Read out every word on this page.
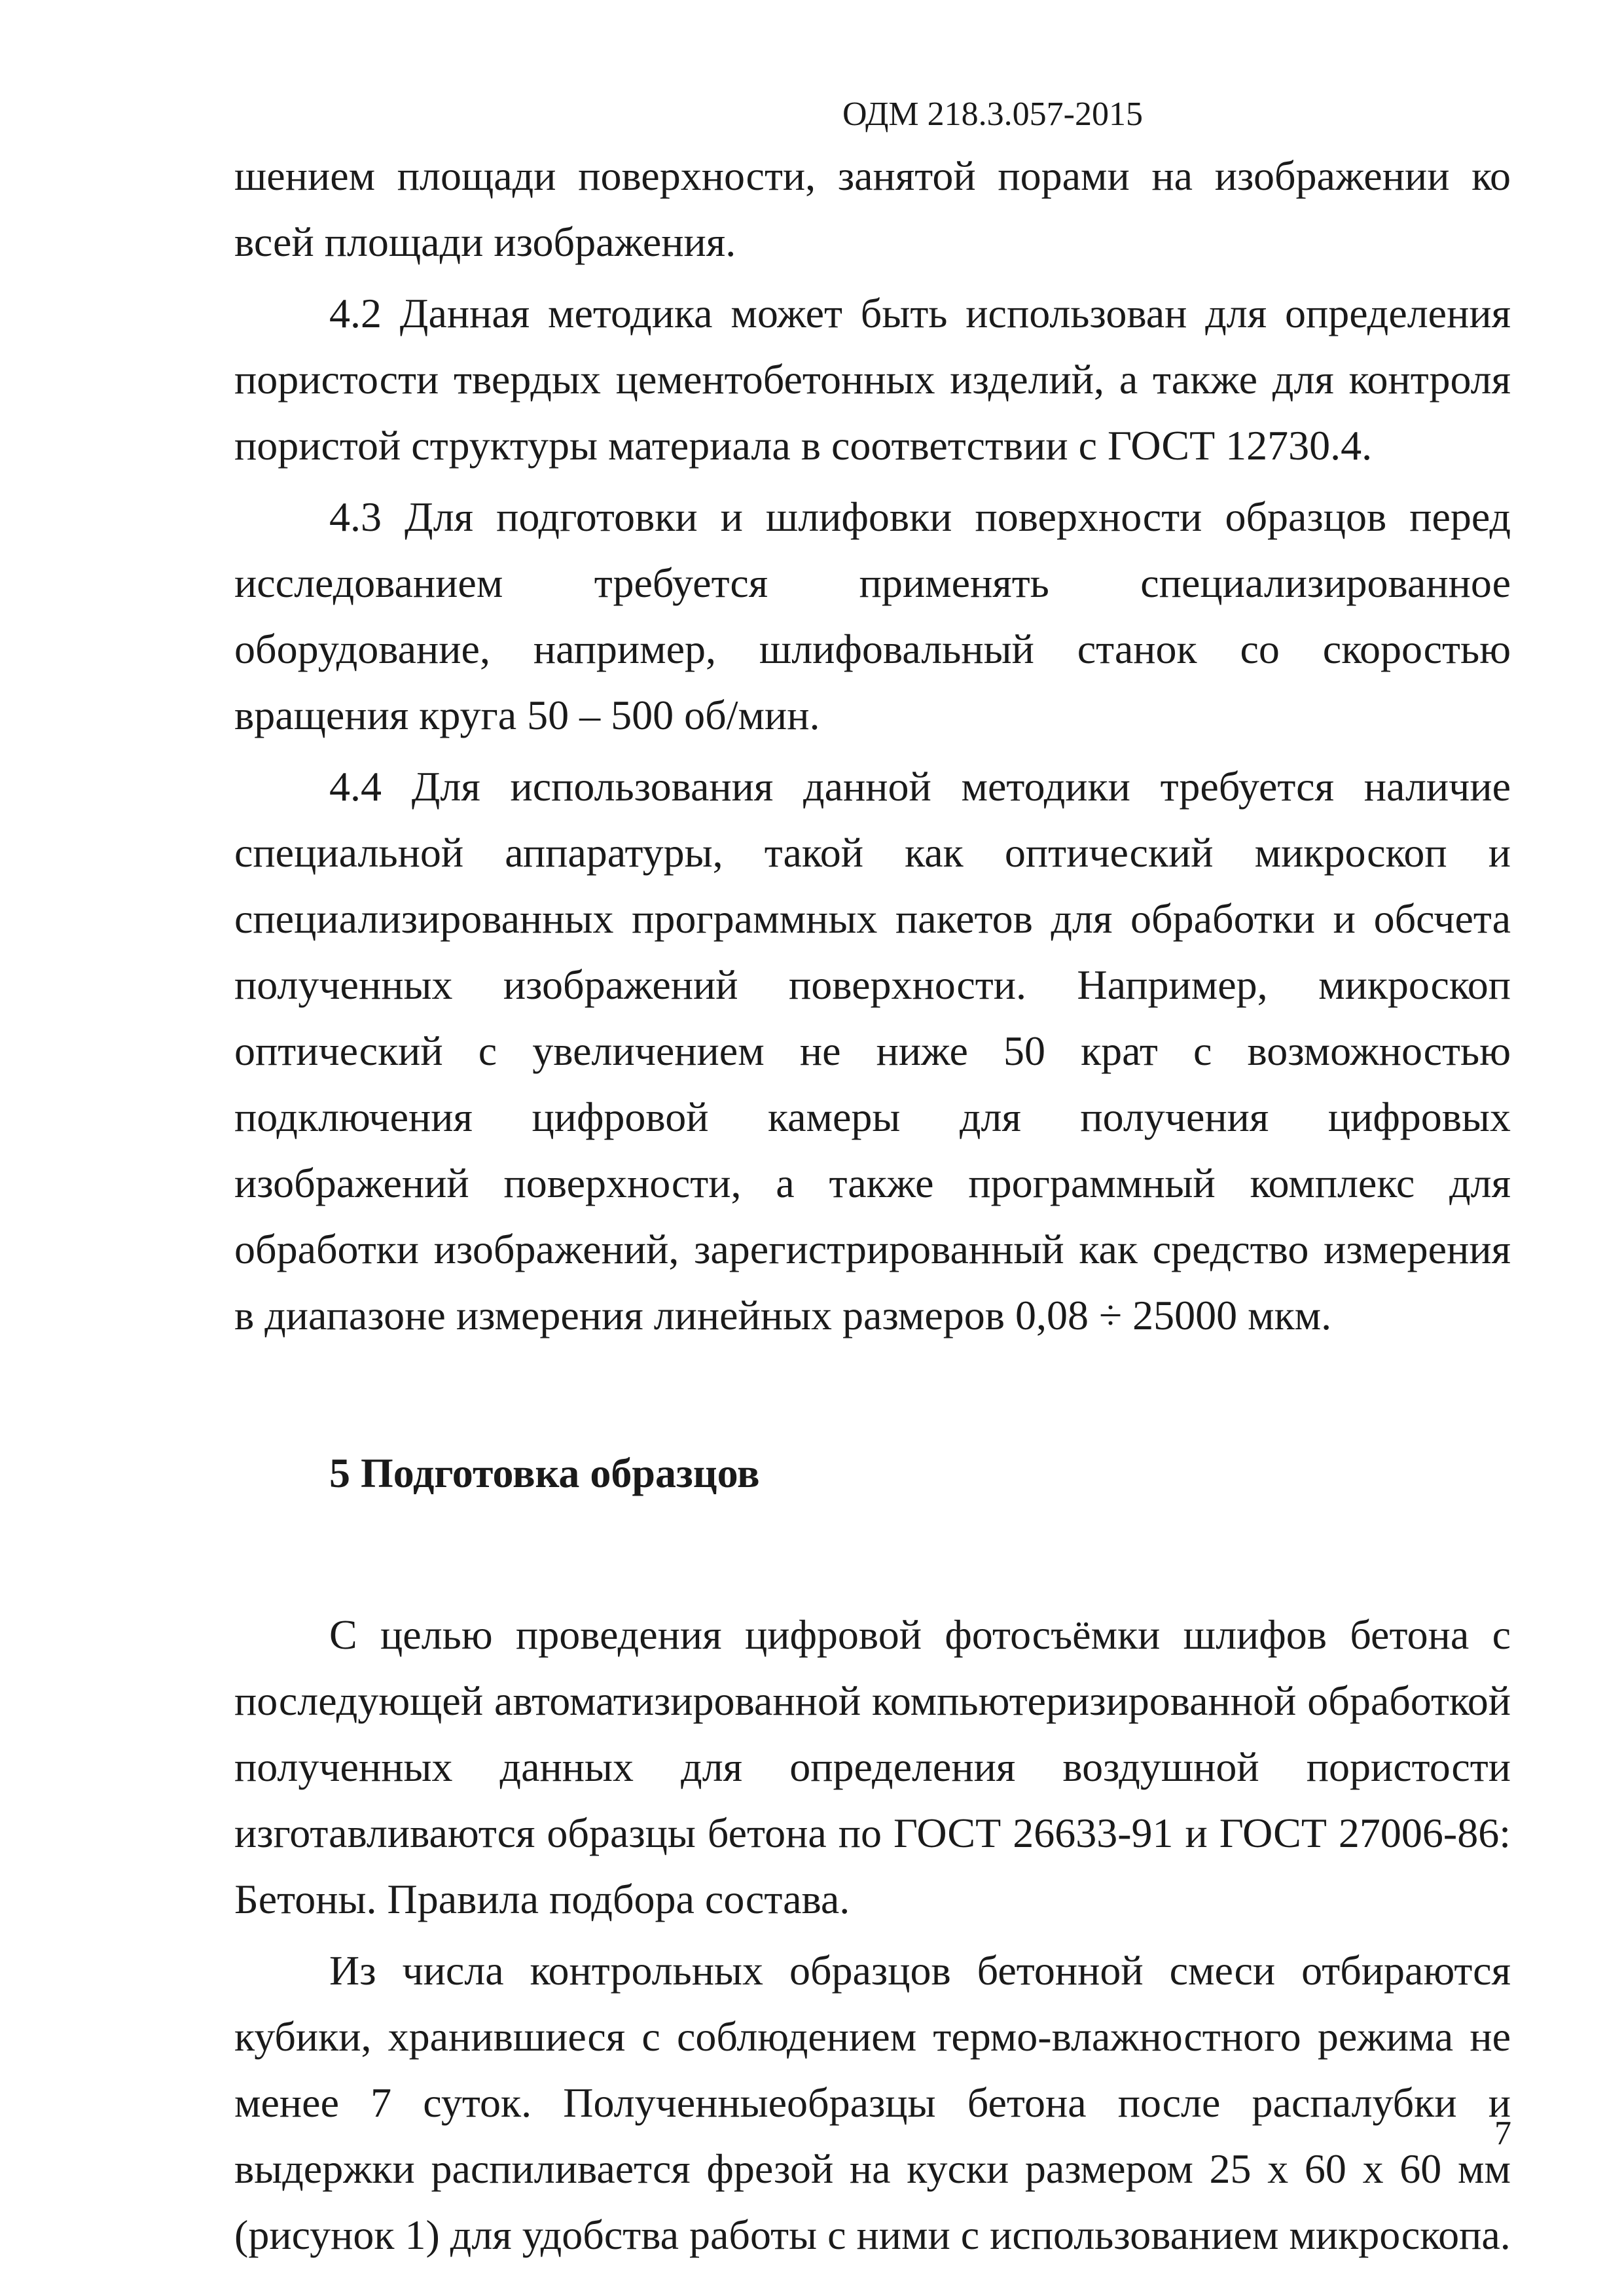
ОДМ 218.3.057-2015

шением площади поверхности, занятой порами на изображении ко всей площади изображения.

4.2 Данная методика может быть использован для определения пористости твердых цементобетонных изделий, а также для контроля пористой структуры материала в соответствии с ГОСТ 12730.4.

4.3 Для подготовки и шлифовки поверхности образцов перед исследованием требуется применять специализированное оборудование, например, шлифовальный станок со скоростью вращения круга 50 – 500 об/мин.

4.4 Для использования данной методики требуется наличие специальной аппаратуры, такой как оптический микроскоп и специализированных программных пакетов для обработки и обсчета полученных изображений поверхности. Например, микроскоп оптический с увеличением не ниже 50 крат с возможностью подключения цифровой камеры для получения цифровых изображений поверхности, а также программный комплекс для обработки изображений, зарегистрированный как средство измерения в диапазоне измерения линейных размеров 0,08 ÷ 25000 мкм.

5 Подготовка образцов

С целью проведения цифровой фотосъёмки шлифов бетона с последующей автоматизированной компьютеризированной обработкой полученных данных для определения воздушной пористости изготавливаются образцы бетона по ГОСТ 26633-91 и ГОСТ 27006-86: Бетоны. Правила подбора состава.

Из числа контрольных образцов бетонной смеси отбираются кубики, хранившиеся с соблюдением термо-влажностного режима не менее 7 суток. Полученныеобразцы бетона после распалубки и выдержки распиливается фрезой на куски размером 25 х 60 х 60 мм (рисунок 1) для удобства работы с ними с использованием микроскопа.

7
